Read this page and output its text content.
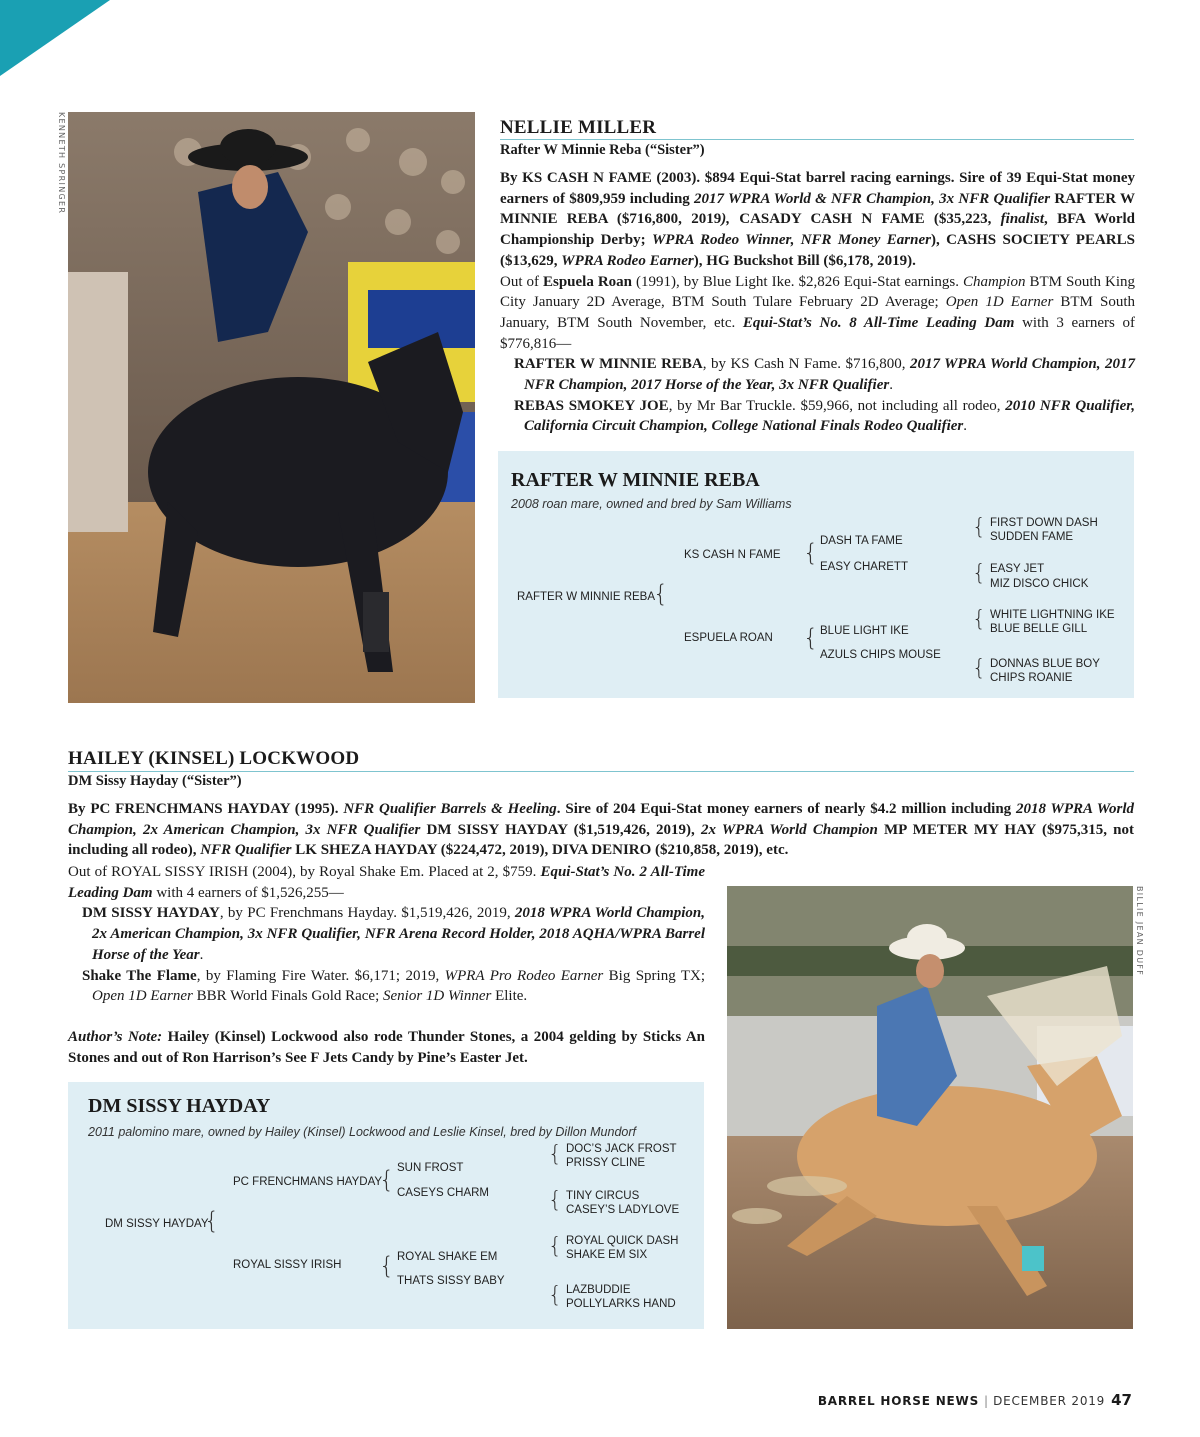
KENNETH SPRINGER	NELLIE MILLER
Rafter W Minnie Reba (“Sister”)

By KS CASH N FAME (2003). $894 Equi-Stat barrel racing earnings. Sire of 39 Equi-Stat money earners of $809,959 including 2017 WPRA World & NFR Champion, 3x NFR Qualifier RAFTER W MINNIE REBA ($716,800, 2019), CASADY CASH N FAME ($35,223, finalist, BFA World Championship Derby; WPRA Rodeo Winner, NFR Money Earner), CASHS SOCIETY PEARLS ($13,629, WPRA Rodeo Earner), HG Buckshot Bill ($6,178, 2019).

Out of Espuela Roan (1991), by Blue Light Ike. $2,826 Equi-Stat earnings. Champion BTM South King City January 2D Average, BTM South Tulare February 2D Average; Open 1D Earner BTM South January, BTM South November, etc. Equi-Stat’s No. 8 All-Time Leading Dam with 3 earners of $776,816—

RAFTER W MINNIE REBA, by KS Cash N Fame. $716,800, 2017 WPRA World Champion, 2017 NFR Champion, 2017 Horse of the Year, 3x NFR Qualifier.

REBAS SMOKEY JOE, by Mr Bar Truckle. $59,966, not including all rodeo, 2010 NFR Qualifier, California Circuit Champion, College National Finals Rodeo Qualifier.

RAFTER W MINNIE REBA
2008 roan mare, owned and bred by Sam Williams
RAFTER W MINNIE REBA
{
KS CASH N FAME
ESPUELA ROAN
{
{
DASH TA FAME
EASY CHARETT
BLUE LIGHT IKE
AZULS CHIPS MOUSE
{
{
{
{
FIRST DOWN DASH
SUDDEN FAME
EASY JET
MIZ DISCO CHICK
WHITE LIGHTNING IKE
BLUE BELLE GILL
DONNAS BLUE BOY
CHIPS ROANIE
HAILEY (KINSEL) LOCKWOOD
DM Sissy Hayday (“Sister”)

By PC FRENCHMANS HAYDAY (1995). NFR Qualifier Barrels & Heeling. Sire of 204 Equi-Stat money earners of nearly $4.2 million including 2018 WPRA World Champion, 2x American Champion, 3x NFR Qualifier DM SISSY HAYDAY ($1,519,426, 2019), 2x WPRA World Champion MP METER MY HAY ($975,315, not including all rodeo), NFR Qualifier LK SHEZA HAYDAY ($224,472, 2019), DIVA DENIRO ($210,858, 2019), etc.

Out of ROYAL SISSY IRISH (2004), by Royal Shake Em. Placed at 2, $759. Equi-Stat’s No. 2 All-Time Leading Dam with 4 earners of $1,526,255—

DM SISSY HAYDAY, by PC Frenchmans Hayday. $1,519,426, 2019, 2018 WPRA World Champion, 2x American Champion, 3x NFR Qualifier, NFR Arena Record Holder, 2018 AQHA/WPRA Barrel Horse of the Year.

Shake The Flame, by Flaming Fire Water. $6,171; 2019, WPRA Pro Rodeo Earner Big Spring TX; Open 1D Earner BBR World Finals Gold Race; Senior 1D Winner Elite.

Author’s Note: Hailey (Kinsel) Lockwood also rode Thunder Stones, a 2004 gelding by Sticks An Stones and out of Ron Harrison’s See F Jets Candy by Pine’s Easter Jet.

DM SISSY HAYDAY
2011 palomino mare, owned by Hailey (Kinsel) Lockwood and Leslie Kinsel, bred by Dillon Mundorf
DM SISSY HAYDAY
{
PC FRENCHMANS HAYDAY
ROYAL SISSY IRISH
{
{
SUN FROST
CASEYS CHARM
ROYAL SHAKE EM
THATS SISSY BABY
{
{
{
{
DOC’S JACK FROST
PRISSY CLINE
TINY CIRCUS
CASEY’S LADYLOVE
ROYAL QUICK DASH
SHAKE EM SIX
LAZBUDDIE
POLLYLARKS HAND
BILLIE JEAN DUFF
BARREL HORSE NEWS | DECEMBER 2019 47
